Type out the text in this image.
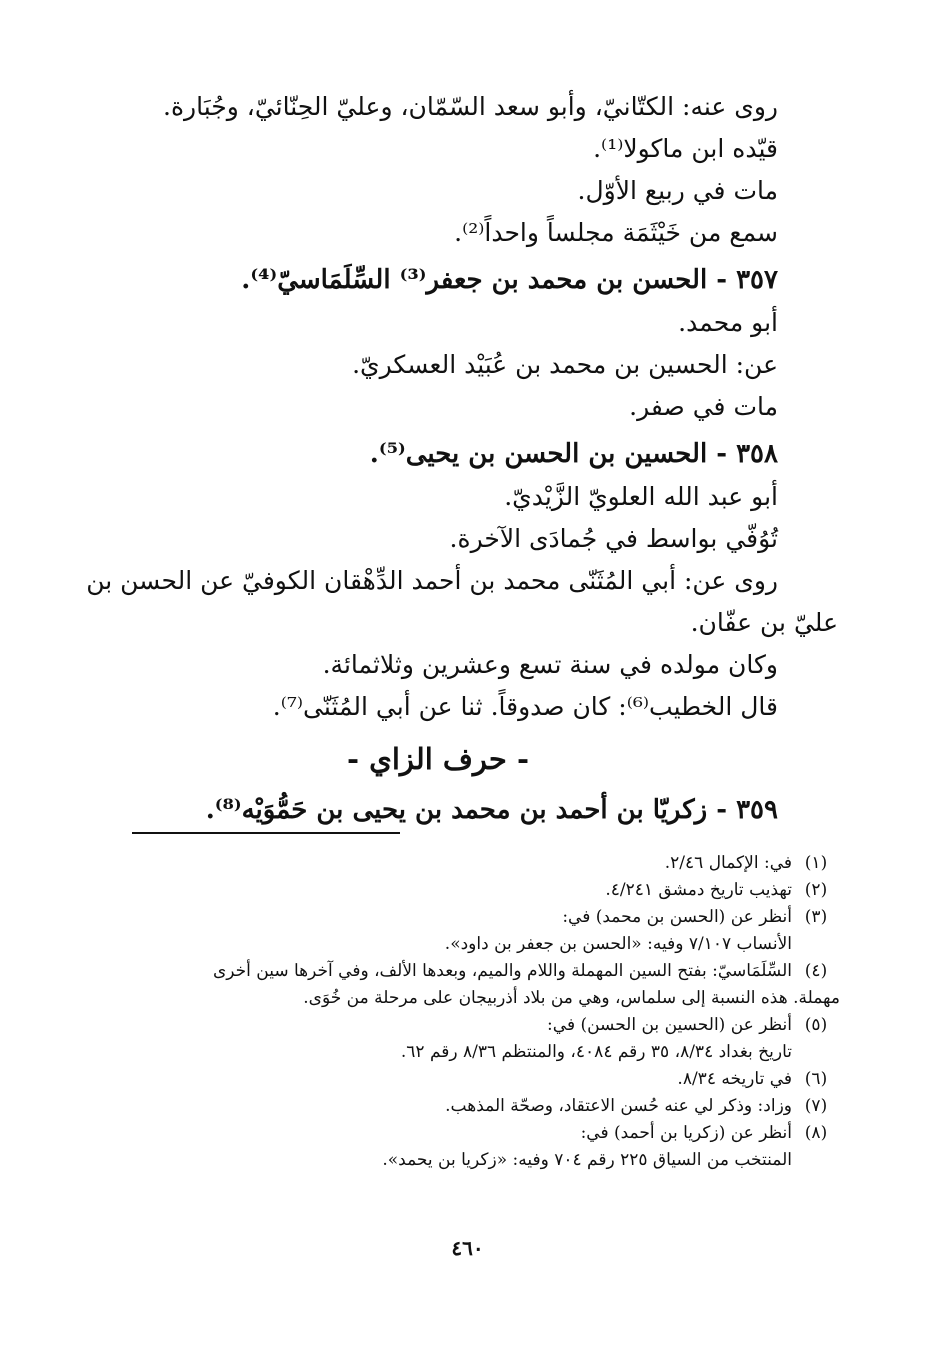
روى عنه: الكتّانيّ، وأبو سعد السّمّان، وعليّ الحِنّائيّ، وجُبَارة.
قيّده ابن ماكولا⁽¹⁾.
مات في ربيع الأوّل.
سمع من خَيْثَمَة مجلساً واحداً⁽²⁾.
٣٥٧ - الحسن بن محمد بن جعفر⁽³⁾ السِّلَمَاسيّ⁽⁴⁾.
أبو محمد.
عن: الحسين بن محمد بن عُبَيْد العسكريّ.
مات في صفر.
٣٥٨ - الحسين بن الحسن بن يحيى⁽⁵⁾.
أبو عبد الله العلويّ الزَّيْديّ.
تُوُفّي بواسط في جُمادَى الآخرة.
روى عن: أبي المُثَنّى محمد بن أحمد الدِّهْقان الكوفيّ عن الحسن بن
عليّ بن عفّان.
وكان مولده في سنة تسع وعشرين وثلاثمائة.
قال الخطيب⁽⁶⁾: كان صدوقاً. ثنا عن أبي المُثَنّى⁽⁷⁾.
- حرف الزاي -
٣٥٩ - زكريّا بن أحمد بن محمد بن يحيى بن حَمُّوَيْه⁽⁸⁾.
(١)
في: الإكمال ٢/٤٦.
(٢)
تهذيب تاريخ دمشق ٤/٢٤١.
(٣)
أنظر عن (الحسن بن محمد) في:
الأنساب ٧/١٠٧ وفيه: «الحسن بن جعفر بن داود».
(٤)
السِّلَمَاسيّ: بفتح السين المهملة واللام والميم، وبعدها الألف، وفي آخرها سين أخرى
مهملة. هذه النسبة إلى سلماس، وهي من بلاد أذربيجان على مرحلة من خُوَى.
(٥)
أنظر عن (الحسين بن الحسن) في:
تاريخ بغداد ٨/٣٤، ٣٥ رقم ٤٠٨٤، والمنتظم ٨/٣٦ رقم ٦٢.
(٦)
في تاريخه ٨/٣٤.
(٧)
وزاد: وذكر لي عنه حُسن الاعتقاد، وصحّة المذهب.
(٨)
أنظر عن (زكريا بن أحمد) في:
المنتخب من السياق ٢٢٥ رقم ٧٠٤ وفيه: «زكريا بن يحمد».
٤٦٠
